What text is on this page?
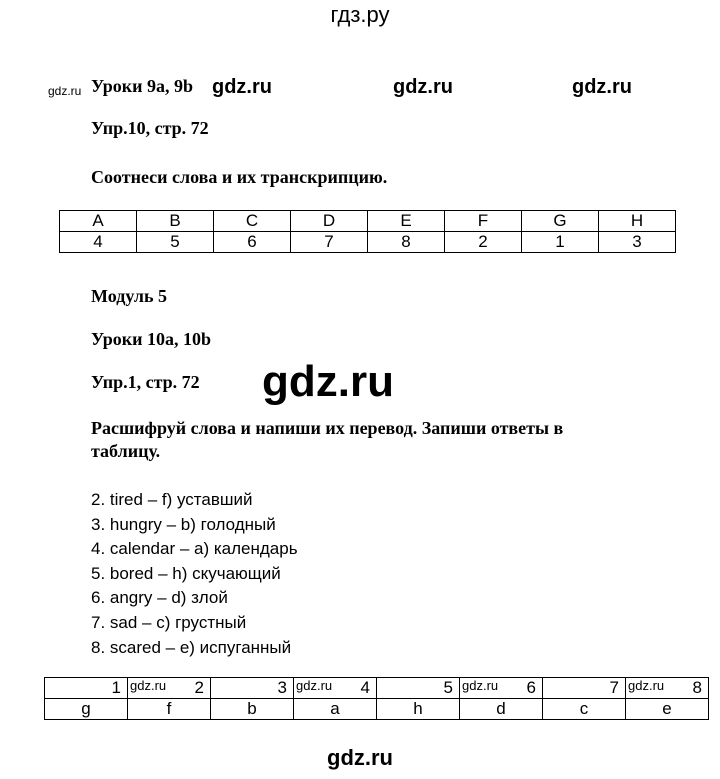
гдз.ру
gdz.ru Уроки 9a, 9b gdz.ru	gdz.ru	gdz.ru
Упр.10, стр. 72
Соотнеси слова и их транскрипцию.
A	B	C	D	E	F	G	H
4	5	6	7	8	2	1	3
Модуль 5
Уроки 10a, 10b
Упр.1, стр. 72 gdz.ru
Расшифруй слова и напиши их перевод. Запиши ответы в
таблицу.
2. tired – f) уставший
3. hungry – b) голодный
4. calendar – a) календарь
5. bored – h) скучающий
6. angry – d) злой
7. sad – c) грустный
8. scared – e) испуганный
1	gdz.ru 2	3	gdz.ru 4	5	gdz.ru 6	7	gdz.ru 8
g	f	b	a	h	d	c	e
gdz.ru
